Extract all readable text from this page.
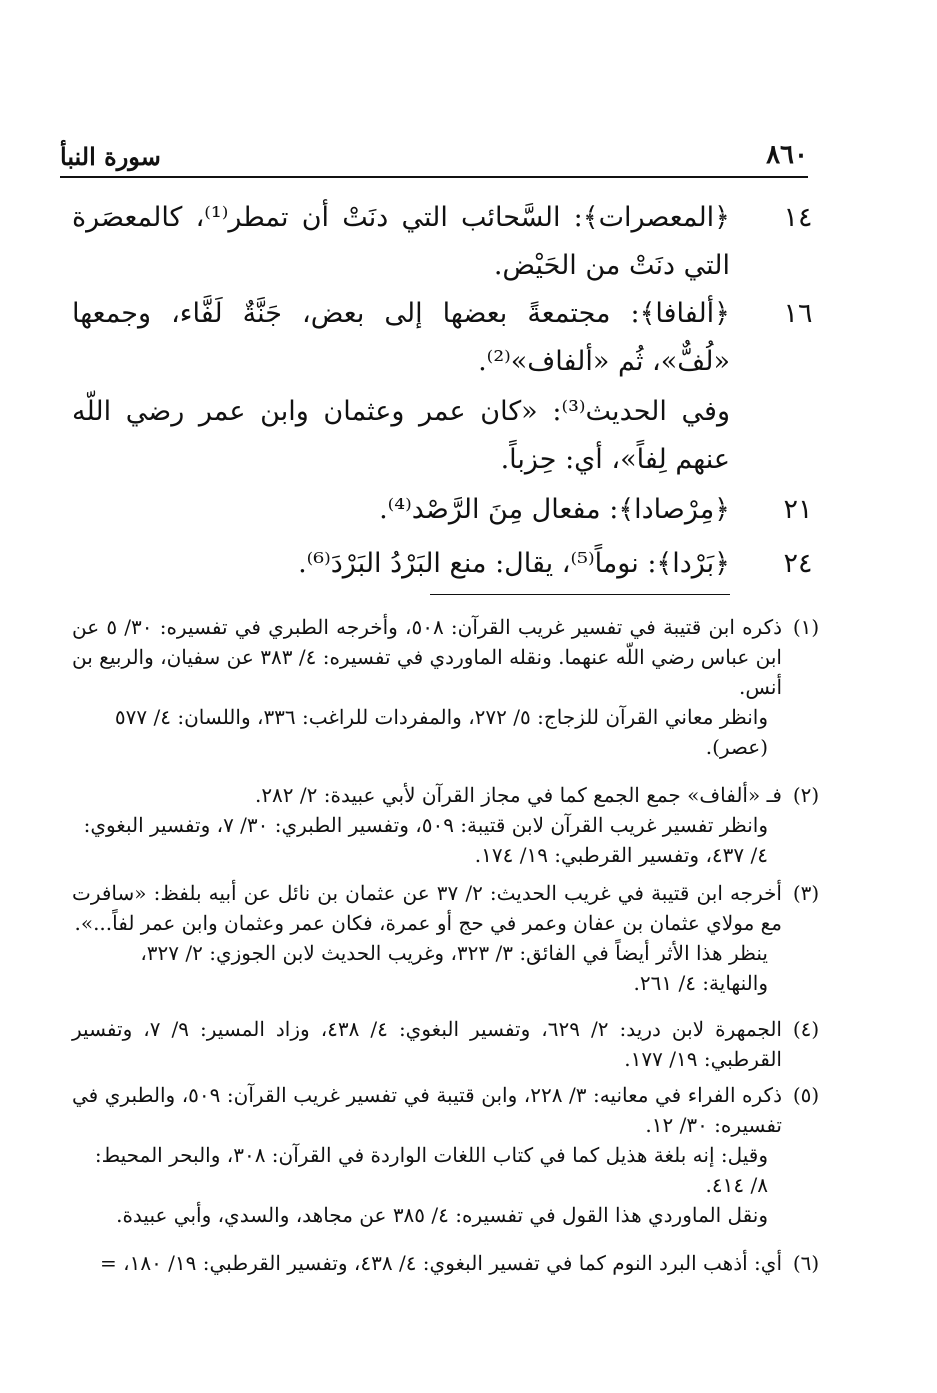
٨٦٠
سورة النبأ
١٤
﴿المعصرات﴾: السَّحائب التي دنَتْ أن تمطر⁽¹⁾، كالمعصَرة التي دنَتْ من الحَيْض.
١٦
﴿ألفافا﴾: مجتمعةً بعضها إلى بعض، جَنَّةٌ لَفَّاء، وجمعها «لُفٌّ»، ثُم «ألفاف»⁽²⁾.
وفي الحديث⁽³⁾: «كان عمر وعثمان وابن عمر رضي اللّه عنهم لِفاً»، أي: حِزباً.
٢١
﴿مِرْصادا﴾: مفعال مِنَ الرَّصْد⁽⁴⁾.
٢٤
﴿بَرْدا﴾: نوماً⁽⁵⁾، يقال: منع البَرْدُ البَرْدَ⁽⁶⁾.
(١)
ذكره ابن قتيبة في تفسير غريب القرآن: ٥٠٨، وأخرجه الطبري في تفسيره: ٣٠/ ٥ عن ابن عباس رضي اللّه عنهما. ونقله الماوردي في تفسيره: ٤/ ٣٨٣ عن سفيان، والربيع بن أنس.
وانظر معاني القرآن للزجاج: ٥/ ٢٧٢، والمفردات للراغب: ٣٣٦، واللسان: ٤/ ٥٧٧ (عصر).
(٢)
فـ «ألفاف» جمع الجمع كما في مجاز القرآن لأبي عبيدة: ٢/ ٢٨٢.
وانظر تفسير غريب القرآن لابن قتيبة: ٥٠٩، وتفسير الطبري: ٣٠/ ٧، وتفسير البغوي: ٤/ ٤٣٧، وتفسير القرطبي: ١٩/ ١٧٤.
(٣)
أخرجه ابن قتيبة في غريب الحديث: ٢/ ٣٧ عن عثمان بن نائل عن أبيه بلفظ: «سافرت مع مولاي عثمان بن عفان وعمر في حج أو عمرة، فكان عمر وعثمان وابن عمر لفاً...».
ينظر هذا الأثر أيضاً في الفائق: ٣/ ٣٢٣، وغريب الحديث لابن الجوزي: ٢/ ٣٢٧، والنهاية: ٤/ ٢٦١.
(٤)
الجمهرة لابن دريد: ٢/ ٦٢٩، وتفسير البغوي: ٤/ ٤٣٨، وزاد المسير: ٩/ ٧، وتفسير القرطبي: ١٩/ ١٧٧.
(٥)
ذكره الفراء في معانيه: ٣/ ٢٢٨، وابن قتيبة في تفسير غريب القرآن: ٥٠٩، والطبري في تفسيره: ٣٠/ ١٢.
وقيل: إنه بلغة هذيل كما في كتاب اللغات الواردة في القرآن: ٣٠٨، والبحر المحيط: ٨/ ٤١٤.
ونقل الماوردي هذا القول في تفسيره: ٤/ ٣٨٥ عن مجاهد، والسدي، وأبي عبيدة.
(٦)
أي: أذهب البرد النوم كما في تفسير البغوي: ٤/ ٤٣٨، وتفسير القرطبي: ١٩/ ١٨٠، =
